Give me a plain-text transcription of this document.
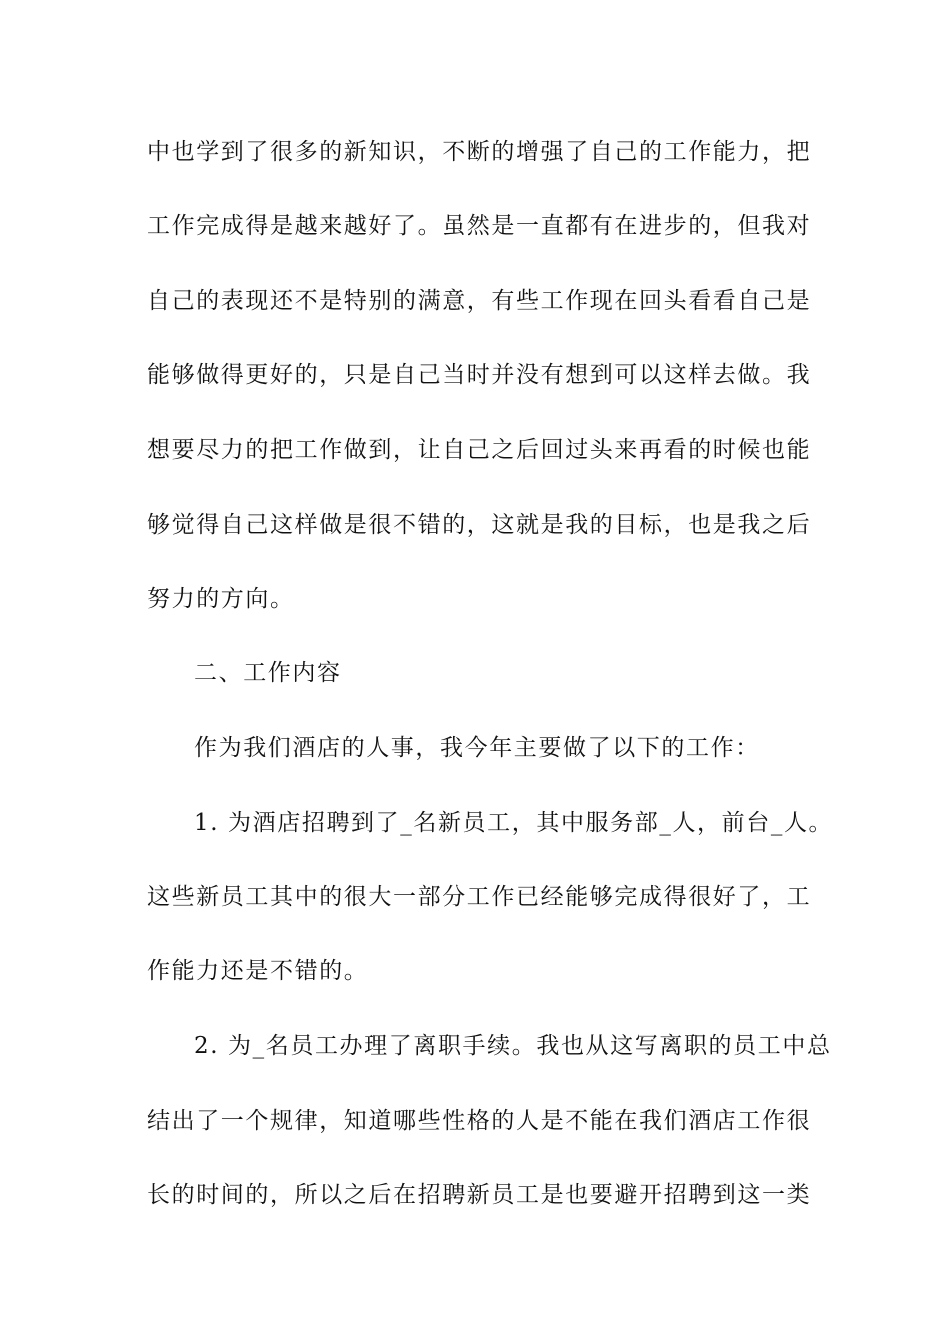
中也学到了很多的新知识，不断的增强了自己的工作能力，把
工作完成得是越来越好了。虽然是一直都有在进步的，但我对
自己的表现还不是特别的满意，有些工作现在回头看看自己是
能够做得更好的，只是自己当时并没有想到可以这样去做。我
想要尽力的把工作做到，让自己之后回过头来再看的时候也能
够觉得自己这样做是很不错的，这就是我的目标，也是我之后
努力的方向。
二、工作内容
作为我们酒店的人事，我今年主要做了以下的工作：
1. 为酒店招聘到了_名新员工，其中服务部_人，前台_人。
这些新员工其中的很大一部分工作已经能够完成得很好了，工
作能力还是不错的。
2. 为_名员工办理了离职手续。我也从这写离职的员工中总
结出了一个规律，知道哪些性格的人是不能在我们酒店工作很
长的时间的，所以之后在招聘新员工是也要避开招聘到这一类
